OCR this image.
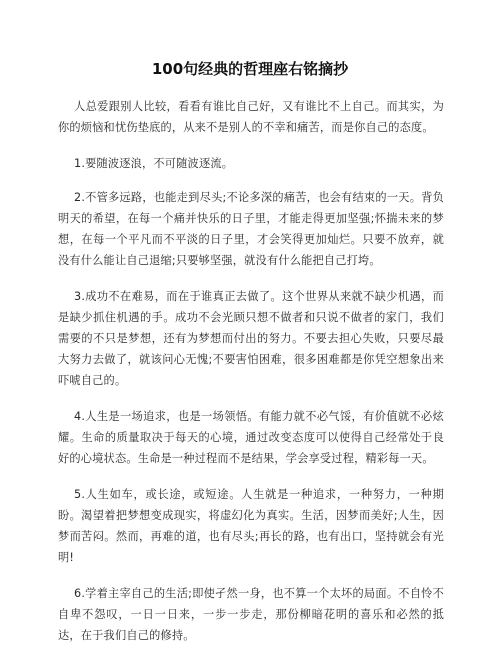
100句经典的哲理座右铭摘抄

人总爱跟别人比较，看看有谁比自己好，又有谁比不上自己。而其实，为你的烦恼和忧伤垫底的，从来不是别人的不幸和痛苦，而是你自己的态度。

1.要随波逐浪，不可随波逐流。

2.不管多远路，也能走到尽头;不论多深的痛苦，也会有结束的一天。背负明天的希望，在每一个痛并快乐的日子里，才能走得更加坚强;怀揣未来的梦想，在每一个平凡而不平淡的日子里，才会笑得更加灿烂。只要不放弃，就没有什么能让自己退缩;只要够坚强，就没有什么能把自己打垮。

3.成功不在难易，而在于谁真正去做了。这个世界从来就不缺少机遇，而是缺少抓住机遇的手。成功不会光顾只想不做者和只说不做者的家门，我们需要的不只是梦想，还有为梦想而付出的努力。不要去担心失败，只要尽最大努力去做了，就该问心无愧;不要害怕困难，很多困难都是你凭空想象出来吓唬自己的。

4.人生是一场追求，也是一场领悟。有能力就不必气馁，有价值就不必炫耀。生命的质量取决于每天的心境，通过改变态度可以使得自己经常处于良好的心境状态。生命是一种过程而不是结果，学会享受过程，精彩每一天。

5.人生如车，或长途，或短途。人生就是一种追求，一种努力，一种期盼。渴望着把梦想变成现实，将虚幻化为真实。生活，因梦而美好;人生，因梦而苦闷。然而，再难的道，也有尽头;再长的路，也有出口，坚持就会有光明!

6.学着主宰自己的生活;即使孑然一身，也不算一个太坏的局面。不自怜不自卑不怨叹，一日一日来，一步一步走，那份柳暗花明的喜乐和必然的抵达，在于我们自己的修持。
